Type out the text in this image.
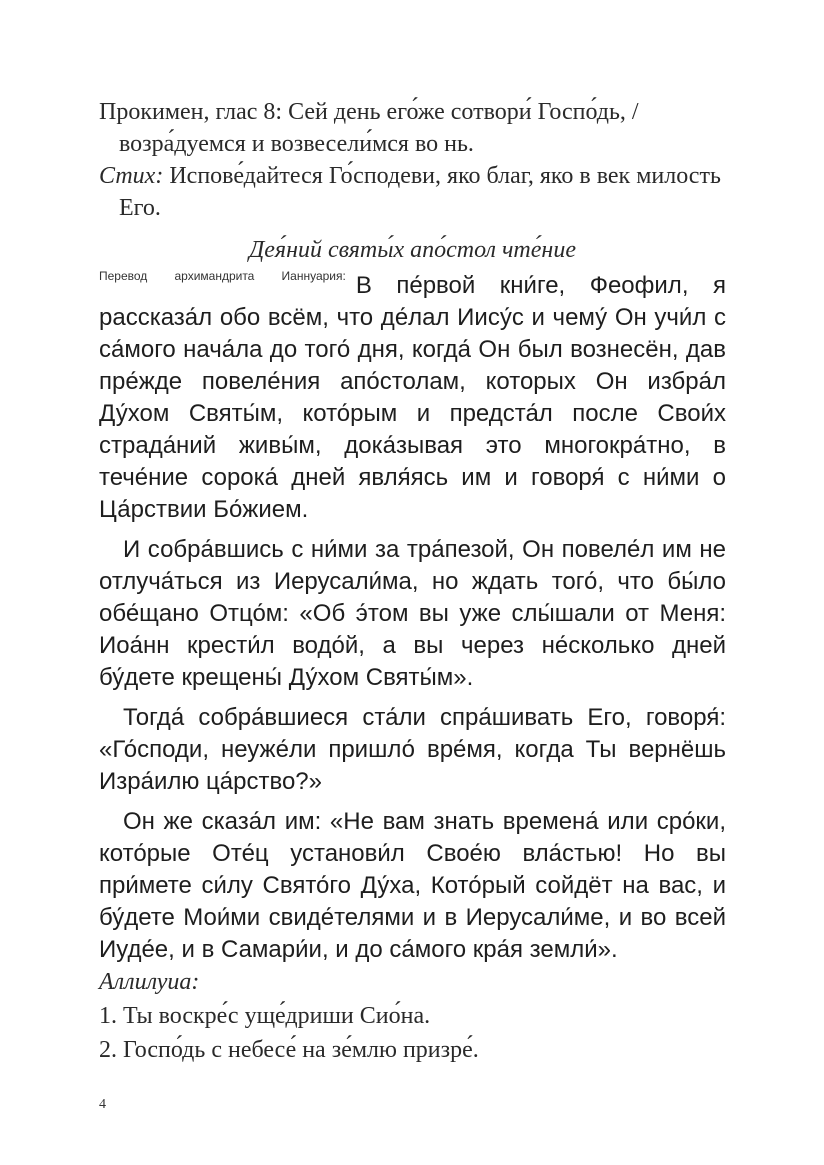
Прокимен, глас 8: Сей день его́же сотвори́ Госпо́дь, / возра́дуемся и возвесели́мся во нь.

Стих: Испове́дайтеся Го́сподеви, яко благ, яко в век милость Его.

Дея́ний святы́х апо́стол чте́ние

$^{Перевод архимандрита Ианнуария:}$ В пе́рвой кни́ге, Феофил, я рассказа́л обо всём, что де́лал Иису́с и чему́ Он учи́л с са́мого нача́ла до того́ дня, когда́ Он был вознесён, дав пре́жде повеле́ния апо́столам, которых Он избра́л Ду́хом Святы́м, кото́рым и предста́л после Свои́х страда́ний живы́м, дока́зывая это многокра́тно, в тече́ние сорока́ дней явля́ясь им и говоря́ с ни́ми о Ца́рствии Бо́жием.

И собра́вшись с ни́ми за тра́пезой, Он повеле́л им не отлуча́ться из Иерусали́ма, но ждать того́, что бы́ло обе́щано Отцо́м: «Об э́том вы уже слы́шали от Меня: Иоа́нн крести́л водо́й, а вы через не́сколько дней бу́дете крещены́ Ду́хом Святы́м».

Тогда́ собра́вшиеся ста́ли спра́шивать Его, говоря́: «Го́споди, неуже́ли пришло́ вре́мя, когда Ты вернёшь Изра́илю ца́рство?»

Он же сказа́л им: «Не вам знать времена́ или сро́ки, кото́рые Оте́ц установи́л Свое́ю вла́стью! Но вы при́мете си́лу Свято́го Ду́ха, Кото́рый сойдёт на вас, и бу́дете Мои́ми свиде́телями и в Иерусали́ме, и во всей Иуде́е, и в Самари́и, и до са́мого кра́я земли́».

Аллилуиа:

1. Ты воскре́с уще́дриши Сио́на.

2. Госпо́дь с небесе́ на зе́млю призре́.

4
